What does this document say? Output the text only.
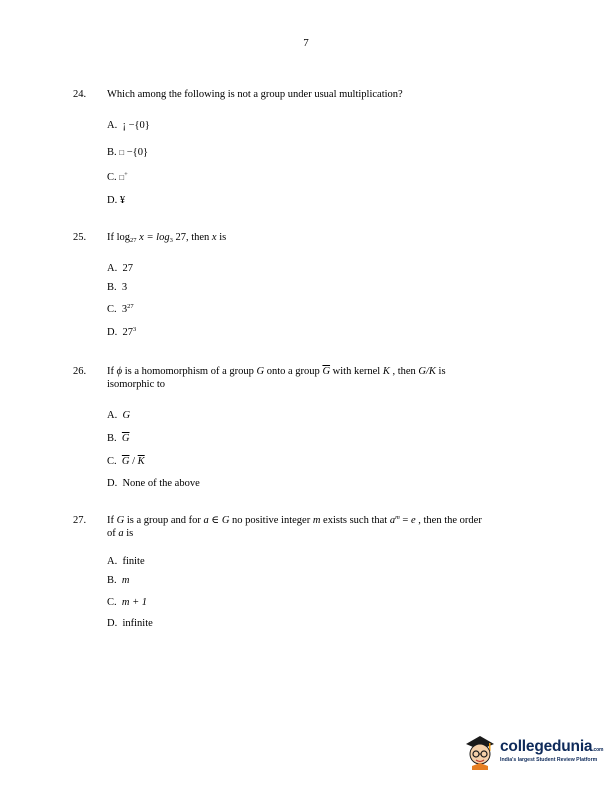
7
24. Which among the following is not a group under usual multiplication?
A. ¡ −{0}
B. □ −{0}
C. □+
D. ¥
25. If $\log_{27} x = \log_3 27$, then x is
A. 27
B. 3
C. $3^{27}$
D. $27^3$
26. If ϕ is a homomorphism of a group G onto a group $\overline{G}$ with kernel K , then G/K is
isomorphic to
A. G
B. $\overline{G}$
C. $\overline{G} / \overline{K}$
D. None of the above
27. If G is a group and for a ∈ G no positive integer m exists such that $a^m = e$ , then the order
of a is
A. finite
B. m
C. m + 1
D. infinite
collegedunia.com
India's largest Student Review Platform
